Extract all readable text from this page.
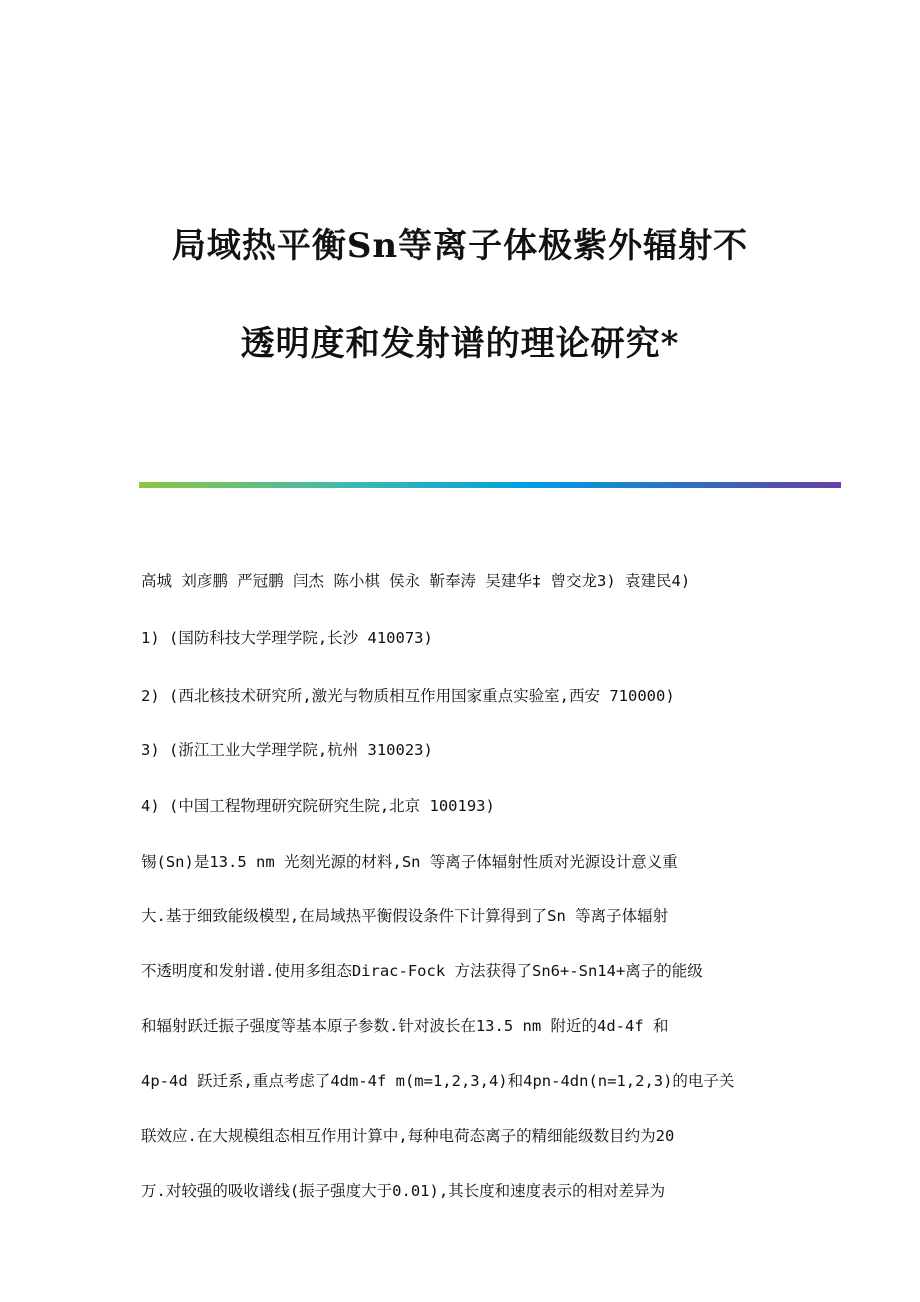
局域热平衡Sn等离子体极紫外辐射不
透明度和发射谱的理论研究*
高城 刘彦鹏 严冠鹏 闫杰 陈小棋 侯永 靳奉涛 吴建华‡ 曾交龙3) 袁建民4)
1) (国防科技大学理学院,长沙 410073)
2) (西北核技术研究所,激光与物质相互作用国家重点实验室,西安 710000)
3) (浙江工业大学理学院,杭州 310023)
4) (中国工程物理研究院研究生院,北京 100193)
锡(Sn)是13.5 nm 光刻光源的材料,Sn 等离子体辐射性质对光源设计意义重
大.基于细致能级模型,在局域热平衡假设条件下计算得到了Sn 等离子体辐射
不透明度和发射谱.使用多组态Dirac-Fock 方法获得了Sn6+-Sn14+离子的能级
和辐射跃迁振子强度等基本原子参数.针对波长在13.5 nm 附近的4d-4f 和
4p-4d 跃迁系,重点考虑了4dm-4f m(m=1,2,3,4)和4pn-4dn(n=1,2,3)的电子关
联效应.在大规模组态相互作用计算中,每种电荷态离子的精细能级数目约为20
万.对较强的吸收谱线(振子强度大于0.01),其长度和速度表示的相对差异为
